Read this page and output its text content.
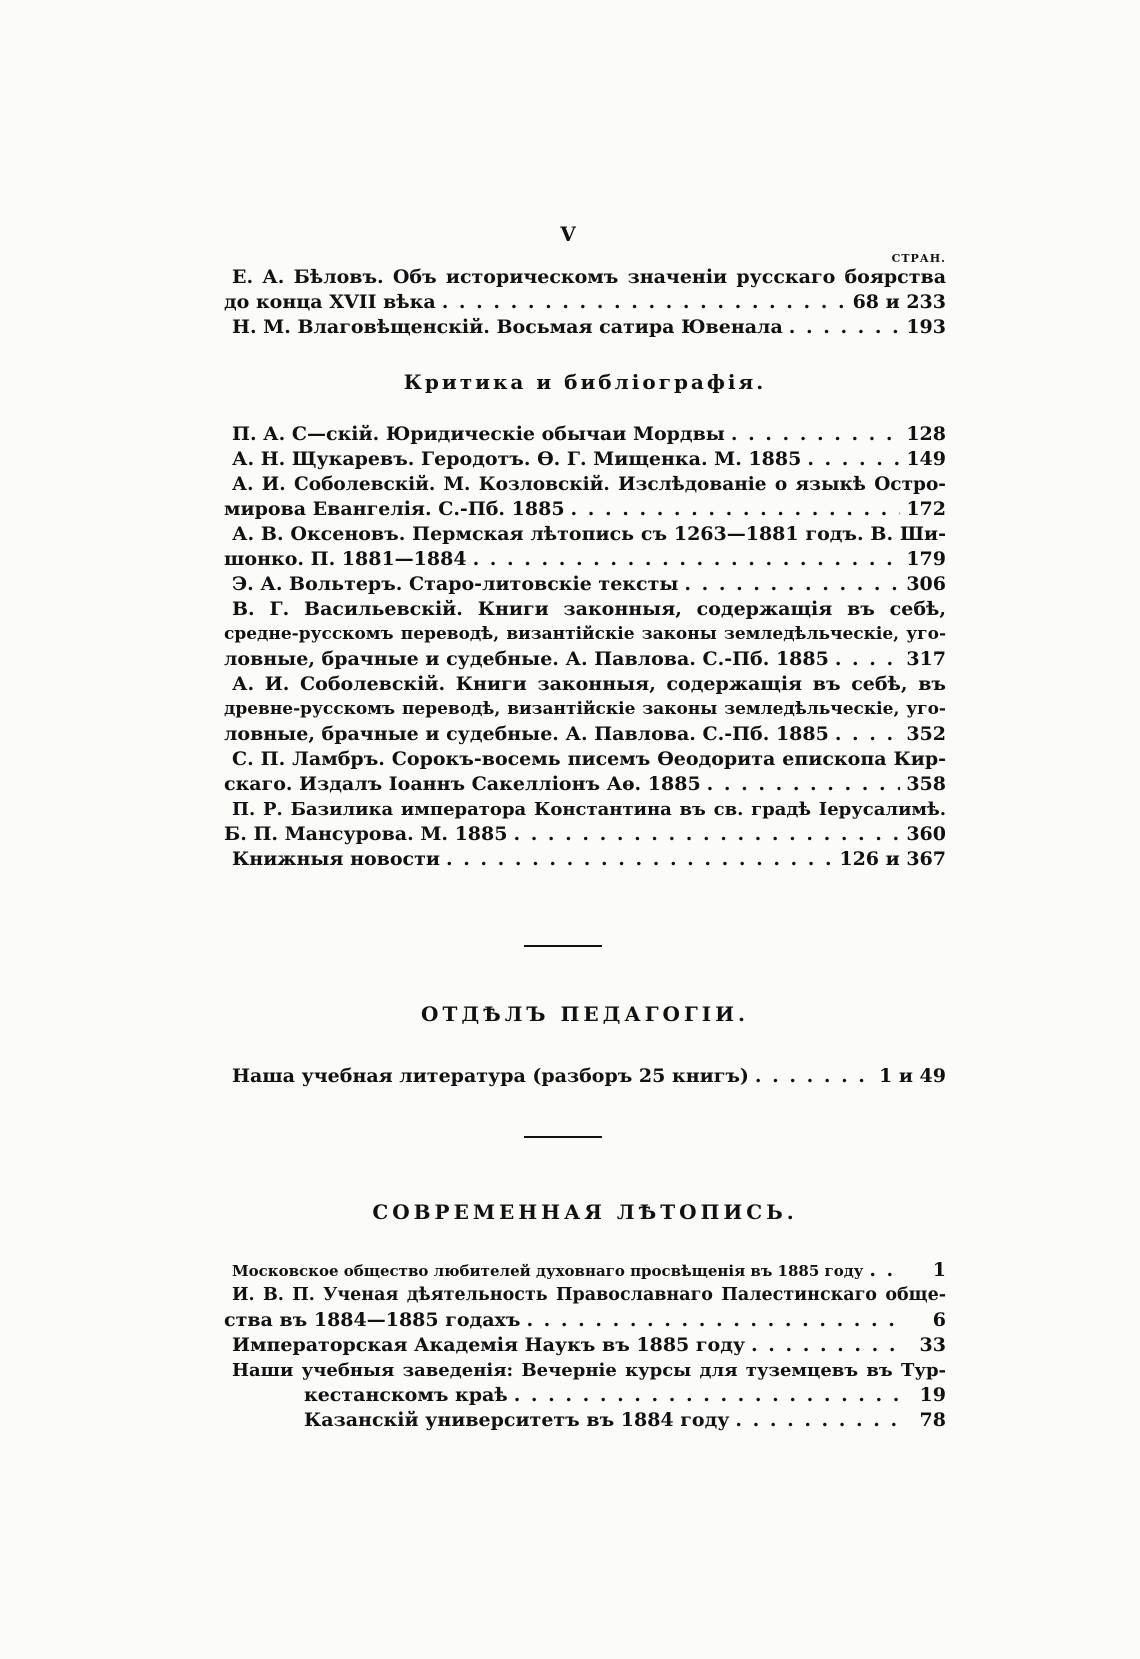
V
СТРАН.
Е. А. Бѣловъ. Объ историческомъ значеніи русскаго боярства
до конца XVII вѣка . . .	68 и 233
Н. М. Влаговѣщенскій. Восьмая сатира Ювенала . . .	193
Критика и библіографія.
П. А. С—скій. Юридическіе обычаи Мордвы . . .	128
А. Н. Щукаревъ. Геродотъ. Ѳ. Г. Мищенка. М. 1885 . . .	149
А. И. Соболевскій. М. Козловскій. Изслѣдованіе о языкѣ Остро-
мирова Евангелія. С.-Пб. 1885 . . .	172
А. В. Оксеновъ. Пермская лѣтопись съ 1263—1881 годъ. В. Ши-
шонко. П. 1881—1884 . . .	179
Э. А. Вольтеръ. Старо-литовскіе тексты . . .	306
В. Г. Васильевскій. Книги законныя, содержащія въ себѣ,
средне-русскомъ переводѣ, византійскіе законы земледѣльческіе, уго-
ловные, брачные и судебные. А. Павлова. С.-Пб. 1885 . . .	317
А. И. Соболевскій. Книги законныя, содержащія въ себѣ, въ
древне-русскомъ переводѣ, византійскіе законы земледѣльческіе, уго-
ловные, брачные и судебные. А. Павлова. С.-Пб. 1885 . . .	352
С. П. Ламбръ. Сорокъ-восемь писемъ Ѳеодорита епископа Кир-
скаго. Издалъ Іоаннъ Сакелліонъ Аѳ. 1885 . . .	358
П. Р. Базилика императора Константина въ св. градѣ Іерусалимѣ.
Б. П. Мансурова. М. 1885 . . .	360
Книжныя новости . . .	126 и 367
ОТДѢЛЪ ПЕДАГОГІИ.
Наша учебная литература (разборъ 25 книгъ) . . .	1 и 49
СОВРЕМЕННАЯ ЛѢТОПИСЬ.
Московское общество любителей духовнаго просвѣщенія въ 1885 году . . .	1
И. В. П. Ученая дѣятельность Православнаго Палестинскаго обще-
ства въ 1884—1885 годахъ . . .	6
Императорская Академія Наукъ въ 1885 году . . .	33
Наши учебныя заведенія: Вечерніе курсы для туземцевъ въ Тур-
кестанскомъ краѣ . . .	19
Казанскій университетъ въ 1884 году . . .	78
